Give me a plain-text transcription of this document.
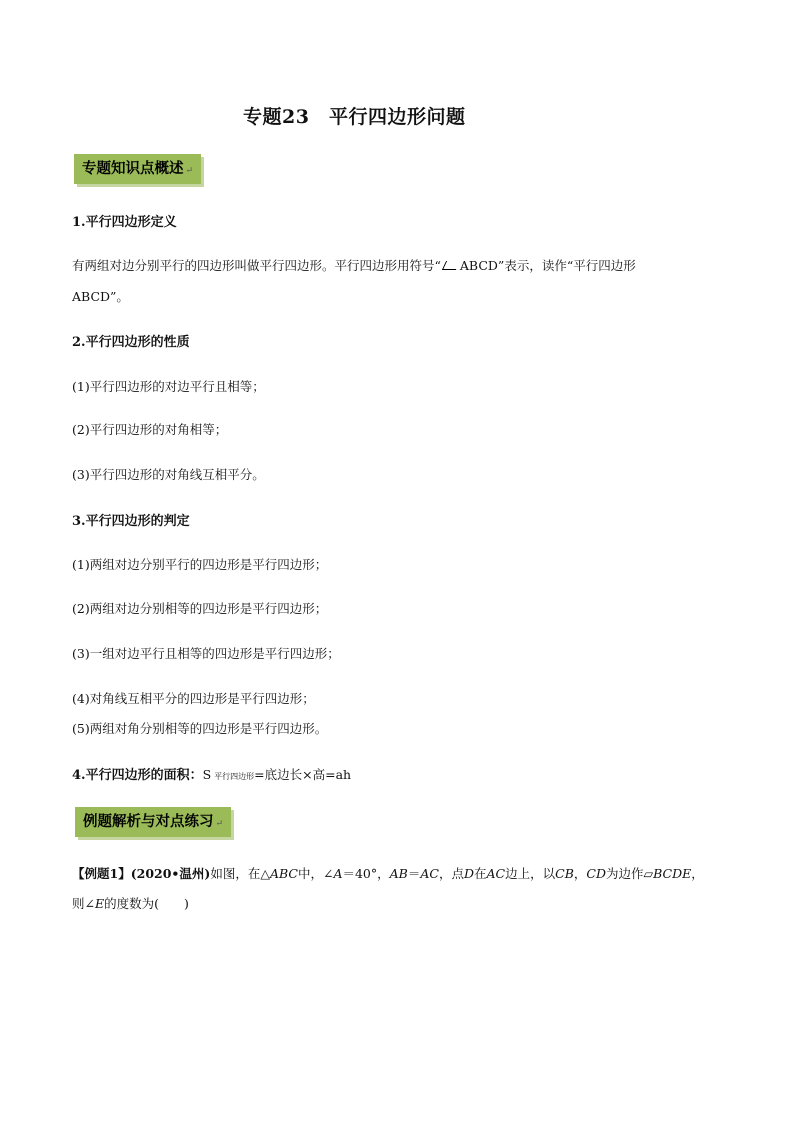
专题23　平行四边形问题
专题知识点概述 ↵
1.平行四边形定义
有两组对边分别平行的四边形叫做平行四边形。平行四边形用符号“ ABCD”表示，读作“平行四边形
ABCD”。
2.平行四边形的性质
(1)平行四边形的对边平行且相等；
(2)平行四边形的对角相等；
(3)平行四边形的对角线互相平分。
3.平行四边形的判定
(1)两组对边分别平行的四边形是平行四边形；
(2)两组对边分别相等的四边形是平行四边形；
(3)一组对边平行且相等的四边形是平行四边形；
(4)对角线互相平分的四边形是平行四边形；
(5)两组对角分别相等的四边形是平行四边形。
4.平行四边形的面积：S 平行四边形=底边长×高=ah
例题解析与对点练习 ↵
【例题1】(2020•温州)如图，在△ABC中，∠A＝40°，AB＝AC，点D在AC边上，以CB，CD为边作▱BCDE，
则∠E的度数为(　　)
